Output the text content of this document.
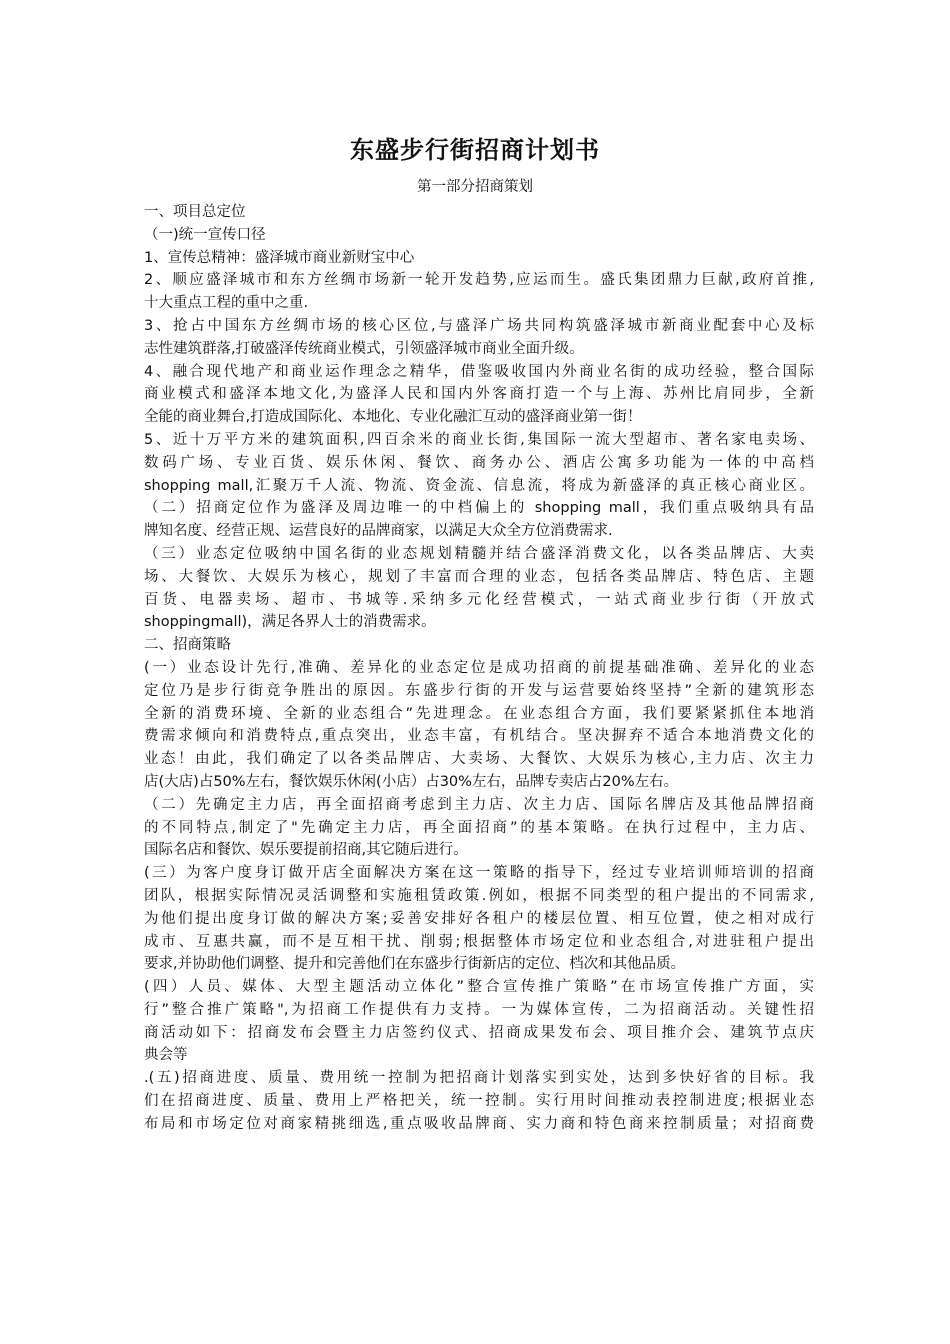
东盛步行街招商计划书
第一部分招商策划
一、项目总定位
（一)统一宣传口径
1、宣传总精神：盛泽城市商业新财宝中心
2、顺应盛泽城市和东方丝绸市场新一轮开发趋势,应运而生。盛氏集团鼎力巨献,政府首推,
十大重点工程的重中之重.
3、抢占中国东方丝绸市场的核心区位,与盛泽广场共同构筑盛泽城市新商业配套中心及标
志性建筑群落,打破盛泽传统商业模式，引领盛泽城市商业全面升级。
4、融合现代地产和商业运作理念之精华，借鉴吸收国内外商业名街的成功经验，整合国际
商业模式和盛泽本地文化,为盛泽人民和国内外客商打造一个与上海、苏州比肩同步，全新
全能的商业舞台,打造成国际化、本地化、专业化融汇互动的盛泽商业第一街！
5、近十万平方米的建筑面积,四百余米的商业长街,集国际一流大型超市、著名家电卖场、
数码广场、专业百货、娱乐休闲、餐饮、商务办公、酒店公寓多功能为一体的中高档
shopping mall,汇聚万千人流、物流、资金流、信息流，将成为新盛泽的真正核心商业区。
（二）招商定位作为盛泽及周边唯一的中档偏上的 shopping mall，我们重点吸纳具有品
牌知名度、经营正规、运营良好的品牌商家，以满足大众全方位消费需求.
（三）业态定位吸纳中国名街的业态规划精髓并结合盛泽消费文化，以各类品牌店、大卖
场、大餐饮、大娱乐为核心，规划了丰富而合理的业态，包括各类品牌店、特色店、主题
百货、电器卖场、超市、书城等.采纳多元化经营模式，一站式商业步行街（开放式
shoppingmall)，满足各界人士的消费需求。
二、招商策略
(一）业态设计先行,准确、差异化的业态定位是成功招商的前提基础准确、差异化的业态
定位乃是步行街竞争胜出的原因。东盛步行街的开发与运营要始终坚持”全新的建筑形态
全新的消费环境、全新的业态组合”先进理念。在业态组合方面，我们要紧紧抓住本地消
费需求倾向和消费特点,重点突出，业态丰富，有机结合。坚决摒弃不适合本地消费文化的
业态！由此，我们确定了以各类品牌店、大卖场、大餐饮、大娱乐为核心,主力店、次主力
店(大店)占50%左右，餐饮娱乐休闲(小店）占30%左右，品牌专卖店占20%左右。
（二）先确定主力店，再全面招商考虑到主力店、次主力店、国际名牌店及其他品牌招商
的不同特点,制定了"先确定主力店，再全面招商”的基本策略。在执行过程中，主力店、
国际名店和餐饮、娱乐要提前招商,其它随后进行。
(三）为客户度身订做开店全面解决方案在这一策略的指导下，经过专业培训师培训的招商
团队，根据实际情况灵活调整和实施租赁政策.例如，根据不同类型的租户提出的不同需求,
为他们提出度身订做的解决方案;妥善安排好各租户的楼层位置、相互位置，使之相对成行
成市、互惠共赢，而不是互相干扰、削弱;根据整体市场定位和业态组合,对进驻租户提出
要求,并协助他们调整、提升和完善他们在东盛步行街新店的定位、档次和其他品质。
(四）人员、媒体、大型主题活动立体化”整合宣传推广策略”在市场宣传推广方面，实
行”整合推广策略",为招商工作提供有力支持。一为媒体宣传，二为招商活动。关键性招
商活动如下：招商发布会暨主力店签约仪式、招商成果发布会、项目推介会、建筑节点庆
典会等
.(五)招商进度、质量、费用统一控制为把招商计划落实到实处，达到多快好省的目标。我
们在招商进度、质量、费用上严格把关，统一控制。实行用时间推动表控制进度;根据业态
布局和市场定位对商家精挑细选,重点吸收品牌商、实力商和特色商来控制质量；对招商费
